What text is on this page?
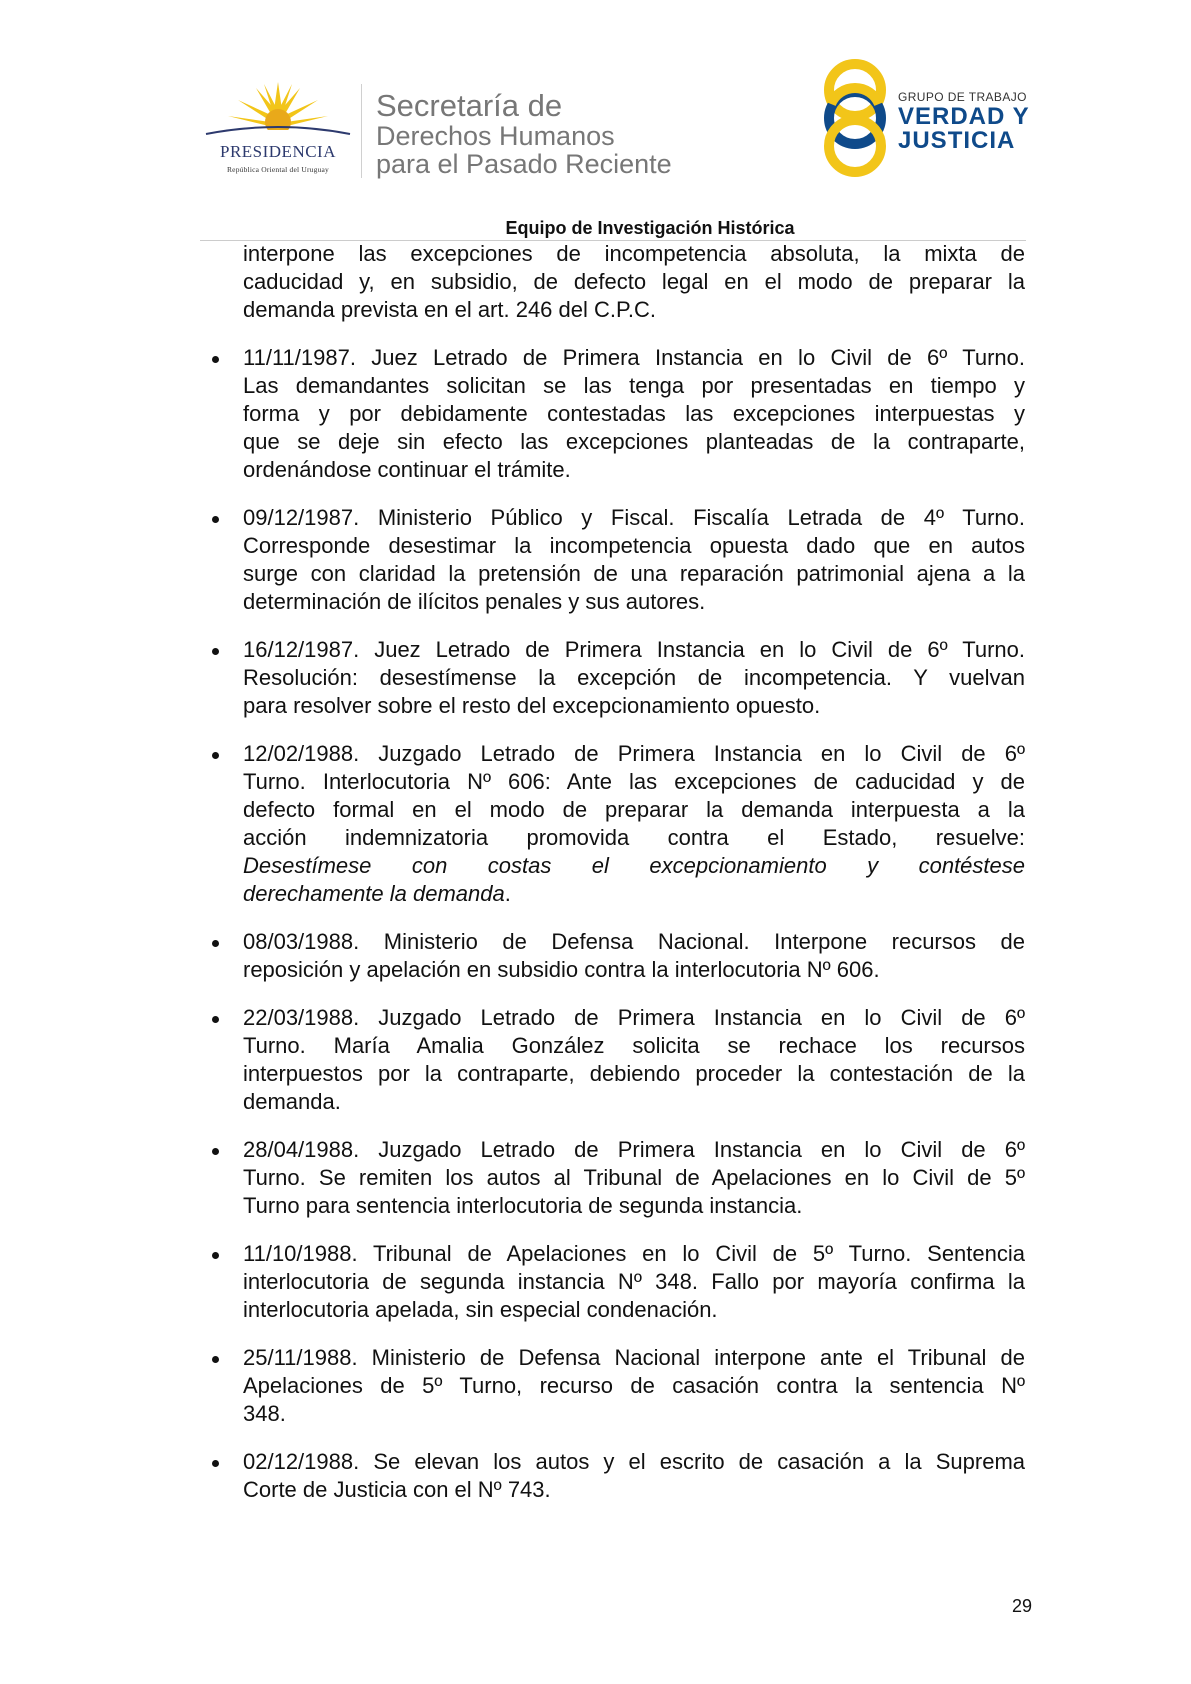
PRESIDENCIA
República Oriental del Uruguay
Secretaría de
Derechos Humanos
para el Pasado Reciente
GRUPO DE TRABAJO
VERDAD Y
JUSTICIA
Equipo de Investigación Histórica
interpone las excepciones de incompetencia absoluta, la mixta de
caducidad y, en subsidio, de defecto legal en el modo de preparar la
demanda prevista en el art. 246 del C.P.C.
11/11/1987. Juez Letrado de Primera Instancia en lo Civil de 6º Turno.
Las demandantes solicitan se las tenga por presentadas en tiempo y
forma y por debidamente contestadas las excepciones interpuestas y
que se deje sin efecto las excepciones planteadas de la contraparte,
ordenándose continuar el trámite.
09/12/1987. Ministerio Público y Fiscal. Fiscalía Letrada de 4º Turno.
Corresponde desestimar la incompetencia opuesta dado que en autos
surge con claridad la pretensión de una reparación patrimonial ajena a la
determinación de ilícitos penales y sus autores.
16/12/1987. Juez Letrado de Primera Instancia en lo Civil de 6º Turno.
Resolución: desestímense la excepción de incompetencia. Y vuelvan
para resolver sobre el resto del excepcionamiento opuesto.
12/02/1988. Juzgado Letrado de Primera Instancia en lo Civil de 6º
Turno. Interlocutoria Nº 606: Ante las excepciones de caducidad y de
defecto formal en el modo de preparar la demanda interpuesta a la
acción indemnizatoria promovida contra el Estado, resuelve:
Desestímese con costas el excepcionamiento y contéstese
derechamente la demanda.
08/03/1988. Ministerio de Defensa Nacional. Interpone recursos de
reposición y apelación en subsidio contra la interlocutoria Nº 606.
22/03/1988. Juzgado Letrado de Primera Instancia en lo Civil de 6º
Turno. María Amalia González solicita se rechace los recursos
interpuestos por la contraparte, debiendo proceder la contestación de la
demanda.
28/04/1988. Juzgado Letrado de Primera Instancia en lo Civil de 6º
Turno. Se remiten los autos al Tribunal de Apelaciones en lo Civil de 5º
Turno para sentencia interlocutoria de segunda instancia.
11/10/1988. Tribunal de Apelaciones en lo Civil de 5º Turno. Sentencia
interlocutoria de segunda instancia Nº 348. Fallo por mayoría confirma la
interlocutoria apelada, sin especial condenación.
25/11/1988. Ministerio de Defensa Nacional interpone ante el Tribunal de
Apelaciones de 5º Turno, recurso de casación contra la sentencia Nº
348.
02/12/1988. Se elevan los autos y el escrito de casación a la Suprema
Corte de Justicia con el Nº 743.
29
